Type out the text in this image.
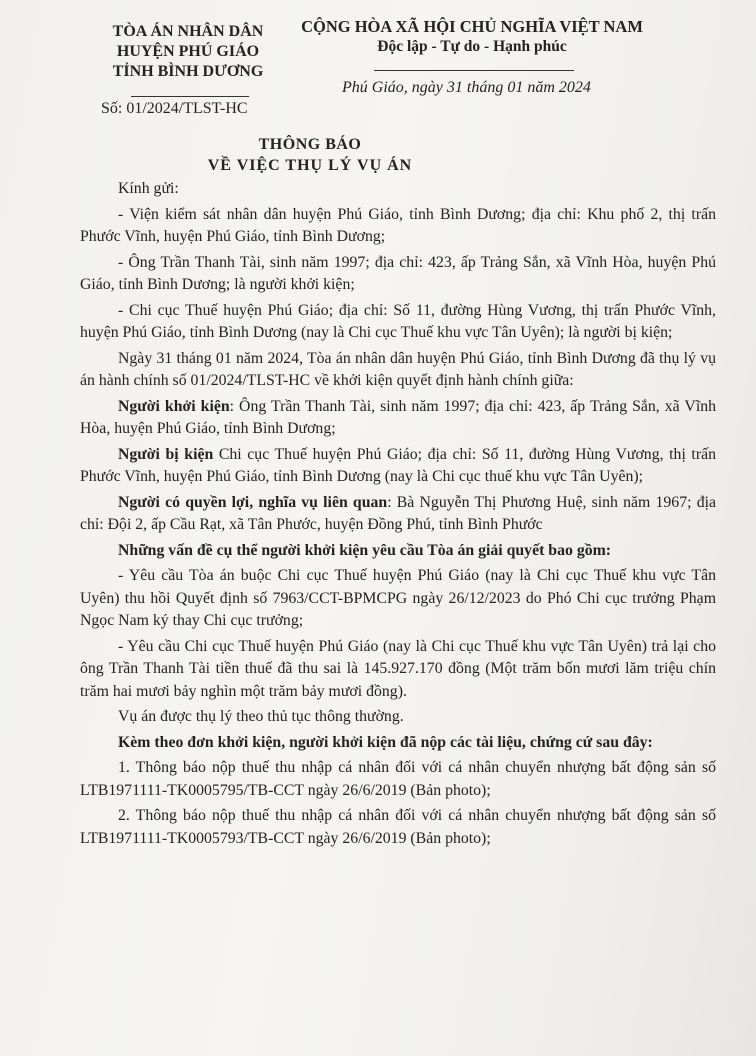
TÒA ÁN NHÂN DÂN
HUYỆN PHÚ GIÁO
TỈNH BÌNH DƯƠNG
Số: 01/2024/TLST-HC
CỘNG HÒA XÃ HỘI CHỦ NGHĨA VIỆT NAM
Độc lập - Tự do - Hạnh phúc
Phú Giáo, ngày 31 tháng 01 năm 2024
THÔNG BÁO
VỀ VIỆC THỤ LÝ VỤ ÁN

Kính gửi:

- Viện kiểm sát nhân dân huyện Phú Giáo, tỉnh Bình Dương; địa chỉ: Khu phố 2, thị trấn Phước Vĩnh, huyện Phú Giáo, tỉnh Bình Dương;

- Ông Trần Thanh Tài, sinh năm 1997; địa chỉ: 423, ấp Trảng Sắn, xã Vĩnh Hòa, huyện Phú Giáo, tỉnh Bình Dương; là người khởi kiện;

- Chi cục Thuế huyện Phú Giáo; địa chỉ: Số 11, đường Hùng Vương, thị trấn Phước Vĩnh, huyện Phú Giáo, tỉnh Bình Dương (nay là Chi cục Thuế khu vực Tân Uyên); là người bị kiện;

Ngày 31 tháng 01 năm 2024, Tòa án nhân dân huyện Phú Giáo, tỉnh Bình Dương đã thụ lý vụ án hành chính số 01/2024/TLST-HC về khởi kiện quyết định hành chính giữa:

Người khởi kiện: Ông Trần Thanh Tài, sinh năm 1997; địa chỉ: 423, ấp Trảng Sắn, xã Vĩnh Hòa, huyện Phú Giáo, tỉnh Bình Dương;

Người bị kiện Chi cục Thuế huyện Phú Giáo; địa chỉ: Số 11, đường Hùng Vương, thị trấn Phước Vĩnh, huyện Phú Giáo, tỉnh Bình Dương (nay là Chi cục thuế khu vực Tân Uyên);

Người có quyền lợi, nghĩa vụ liên quan: Bà Nguyễn Thị Phương Huệ, sinh năm 1967; địa chỉ: Đội 2, ấp Cầu Rạt, xã Tân Phước, huyện Đồng Phú, tỉnh Bình Phước

Những vấn đề cụ thể người khởi kiện yêu cầu Tòa án giải quyết bao gồm:

- Yêu cầu Tòa án buộc Chi cục Thuế huyện Phú Giáo (nay là Chi cục Thuế khu vực Tân Uyên) thu hồi Quyết định số 7963/CCT-BPMCPG ngày 26/12/2023 do Phó Chi cục trưởng Phạm Ngọc Nam ký thay Chi cục trưởng;

- Yêu cầu Chi cục Thuế huyện Phú Giáo (nay là Chi cục Thuế khu vực Tân Uyên) trả lại cho ông Trần Thanh Tài tiền thuế đã thu sai là 145.927.170 đồng (Một trăm bốn mươi lăm triệu chín trăm hai mươi bảy nghìn một trăm bảy mươi đồng).

Vụ án được thụ lý theo thủ tục thông thường.

Kèm theo đơn khởi kiện, người khởi kiện đã nộp các tài liệu, chứng cứ sau đây:

1. Thông báo nộp thuế thu nhập cá nhân đối với cá nhân chuyển nhượng bất động sản số LTB1971111-TK0005795/TB-CCT ngày 26/6/2019 (Bản photo);

2. Thông báo nộp thuế thu nhập cá nhân đối với cá nhân chuyển nhượng bất động sản số LTB1971111-TK0005793/TB-CCT ngày 26/6/2019 (Bản photo);
